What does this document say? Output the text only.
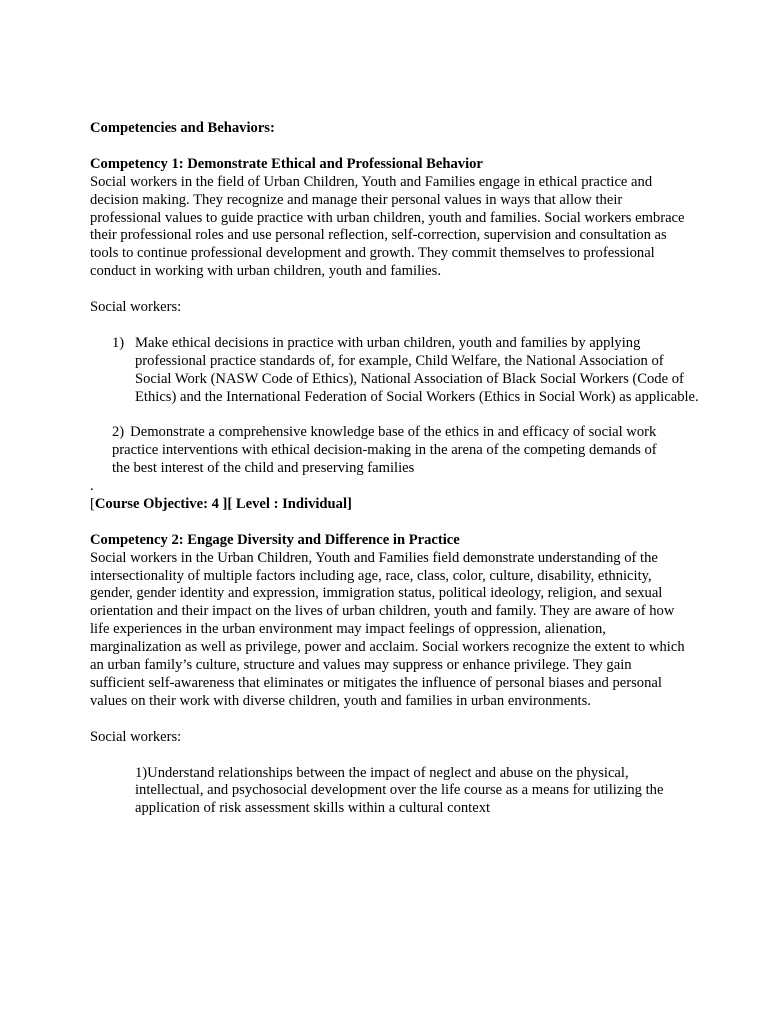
Competencies and Behaviors:

Competency 1: Demonstrate Ethical and Professional Behavior

Social workers in the field of Urban Children, Youth and Families engage in ethical practice and decision making. They recognize and manage their personal values in ways that allow their professional values to guide practice with urban children, youth and families. Social workers embrace their professional roles and use personal reflection, self-correction, supervision and consultation as tools to continue professional development and growth. They commit themselves to professional conduct in working with urban children, youth and families.

Social workers:

1) Make ethical decisions in practice with urban children, youth and families by applying professional practice standards of, for example, Child Welfare, the National Association of Social Work (NASW Code of Ethics), National Association of Black Social Workers (Code of Ethics) and the International Federation of Social Workers (Ethics in Social Work) as applicable.
2) Demonstrate a comprehensive knowledge base of the ethics in and efficacy of social work practice interventions with ethical decision-making in the arena of the competing demands of the best interest of the child and preserving families

.

[Course Objective: 4 ][ Level : Individual]

Competency 2: Engage Diversity and Difference in Practice

Social workers in the Urban Children, Youth and Families field demonstrate understanding of the intersectionality of multiple factors including age, race, class, color, culture, disability, ethnicity, gender, gender identity and expression, immigration status, political ideology, religion, and sexual orientation and their impact on the lives of urban children, youth and family. They are aware of how life experiences in the urban environment may impact feelings of oppression, alienation, marginalization as well as privilege, power and acclaim. Social workers recognize the extent to which an urban family’s culture, structure and values may suppress or enhance privilege. They gain sufficient self-awareness that eliminates or mitigates the influence of personal biases and personal values on their work with diverse children, youth and families in urban environments.

Social workers:

1)Understand relationships between the impact of neglect and abuse on the physical, intellectual, and psychosocial development over the life course as a means for utilizing the application of risk assessment skills within a cultural context
